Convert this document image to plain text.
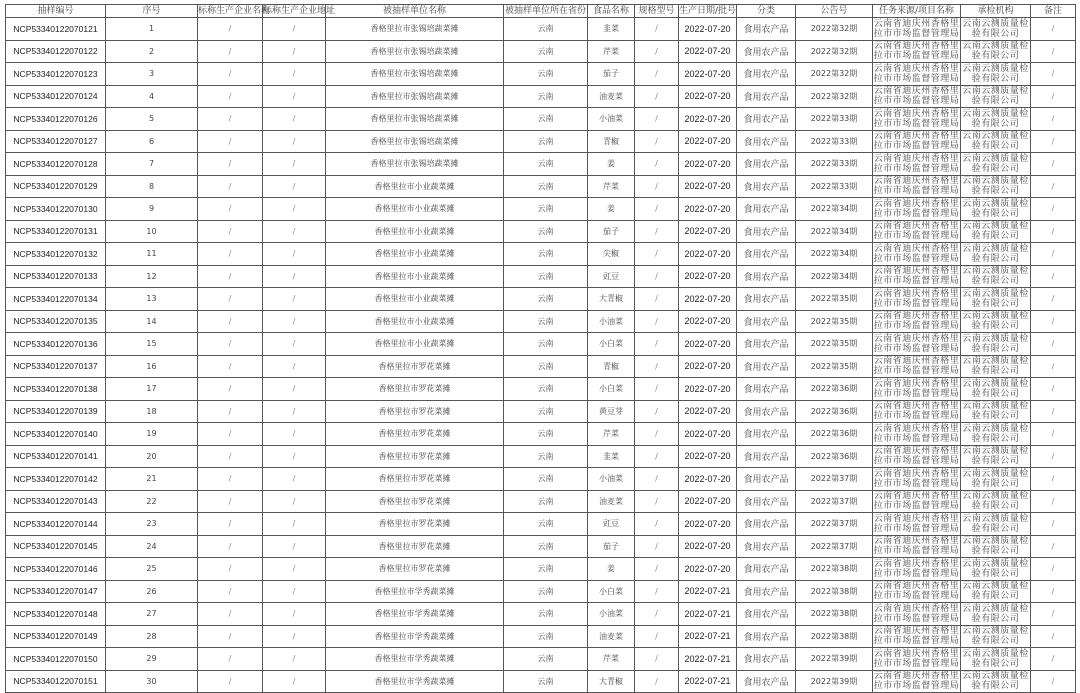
抽样编号	序号	标称生产企业名称	标称生产企业地址	被抽样单位名称	被抽样单位所在省份	食品名称	规格型号	生产日期/批号	分类	公告号	任务来源/项目名称	承检机构	备注
NCP53340122070121	1	/	/	香格里拉市张锡培蔬菜摊	云南	韭菜	/	2022-07-20	食用农产品	2022第32期	云南省迪庆州香格里拉市市场监督管理局	云南云测质量检验有限公司	/
NCP53340122070122	2	/	/	香格里拉市张锡培蔬菜摊	云南	芹菜	/	2022-07-20	食用农产品	2022第32期	云南省迪庆州香格里拉市市场监督管理局	云南云测质量检验有限公司	/
NCP53340122070123	3	/	/	香格里拉市张锡培蔬菜摊	云南	茄子	/	2022-07-20	食用农产品	2022第32期	云南省迪庆州香格里拉市市场监督管理局	云南云测质量检验有限公司	/
NCP53340122070124	4	/	/	香格里拉市张锡培蔬菜摊	云南	油麦菜	/	2022-07-20	食用农产品	2022第32期	云南省迪庆州香格里拉市市场监督管理局	云南云测质量检验有限公司	/
NCP53340122070126	5	/	/	香格里拉市张锡培蔬菜摊	云南	小油菜	/	2022-07-20	食用农产品	2022第33期	云南省迪庆州香格里拉市市场监督管理局	云南云测质量检验有限公司	/
NCP53340122070127	6	/	/	香格里拉市张锡培蔬菜摊	云南	青椒	/	2022-07-20	食用农产品	2022第33期	云南省迪庆州香格里拉市市场监督管理局	云南云测质量检验有限公司	/
NCP53340122070128	7	/	/	香格里拉市张锡培蔬菜摊	云南	姜	/	2022-07-20	食用农产品	2022第33期	云南省迪庆州香格里拉市市场监督管理局	云南云测质量检验有限公司	/
NCP53340122070129	8	/	/	香格里拉市小业蔬菜摊	云南	芹菜	/	2022-07-20	食用农产品	2022第33期	云南省迪庆州香格里拉市市场监督管理局	云南云测质量检验有限公司	/
NCP53340122070130	9	/	/	香格里拉市小业蔬菜摊	云南	姜	/	2022-07-20	食用农产品	2022第34期	云南省迪庆州香格里拉市市场监督管理局	云南云测质量检验有限公司	/
NCP53340122070131	10	/	/	香格里拉市小业蔬菜摊	云南	茄子	/	2022-07-20	食用农产品	2022第34期	云南省迪庆州香格里拉市市场监督管理局	云南云测质量检验有限公司	/
NCP53340122070132	11	/	/	香格里拉市小业蔬菜摊	云南	尖椒	/	2022-07-20	食用农产品	2022第34期	云南省迪庆州香格里拉市市场监督管理局	云南云测质量检验有限公司	/
NCP53340122070133	12	/	/	香格里拉市小业蔬菜摊	云南	豇豆	/	2022-07-20	食用农产品	2022第34期	云南省迪庆州香格里拉市市场监督管理局	云南云测质量检验有限公司	/
NCP53340122070134	13	/	/	香格里拉市小业蔬菜摊	云南	大青椒	/	2022-07-20	食用农产品	2022第35期	云南省迪庆州香格里拉市市场监督管理局	云南云测质量检验有限公司	/
NCP53340122070135	14	/	/	香格里拉市小业蔬菜摊	云南	小油菜	/	2022-07-20	食用农产品	2022第35期	云南省迪庆州香格里拉市市场监督管理局	云南云测质量检验有限公司	/
NCP53340122070136	15	/	/	香格里拉市小业蔬菜摊	云南	小白菜	/	2022-07-20	食用农产品	2022第35期	云南省迪庆州香格里拉市市场监督管理局	云南云测质量检验有限公司	/
NCP53340122070137	16	/	/	香格里拉市罗花菜摊	云南	青椒	/	2022-07-20	食用农产品	2022第35期	云南省迪庆州香格里拉市市场监督管理局	云南云测质量检验有限公司	/
NCP53340122070138	17	/	/	香格里拉市罗花菜摊	云南	小白菜	/	2022-07-20	食用农产品	2022第36期	云南省迪庆州香格里拉市市场监督管理局	云南云测质量检验有限公司	/
NCP53340122070139	18	/	/	香格里拉市罗花菜摊	云南	黄豆芽	/	2022-07-20	食用农产品	2022第36期	云南省迪庆州香格里拉市市场监督管理局	云南云测质量检验有限公司	/
NCP53340122070140	19	/	/	香格里拉市罗花菜摊	云南	芹菜	/	2022-07-20	食用农产品	2022第36期	云南省迪庆州香格里拉市市场监督管理局	云南云测质量检验有限公司	/
NCP53340122070141	20	/	/	香格里拉市罗花菜摊	云南	韭菜	/	2022-07-20	食用农产品	2022第36期	云南省迪庆州香格里拉市市场监督管理局	云南云测质量检验有限公司	/
NCP53340122070142	21	/	/	香格里拉市罗花菜摊	云南	小油菜	/	2022-07-20	食用农产品	2022第37期	云南省迪庆州香格里拉市市场监督管理局	云南云测质量检验有限公司	/
NCP53340122070143	22	/	/	香格里拉市罗花菜摊	云南	油麦菜	/	2022-07-20	食用农产品	2022第37期	云南省迪庆州香格里拉市市场监督管理局	云南云测质量检验有限公司	/
NCP53340122070144	23	/	/	香格里拉市罗花菜摊	云南	豇豆	/	2022-07-20	食用农产品	2022第37期	云南省迪庆州香格里拉市市场监督管理局	云南云测质量检验有限公司	/
NCP53340122070145	24	/	/	香格里拉市罗花菜摊	云南	茄子	/	2022-07-20	食用农产品	2022第37期	云南省迪庆州香格里拉市市场监督管理局	云南云测质量检验有限公司	/
NCP53340122070146	25	/	/	香格里拉市罗花菜摊	云南	姜	/	2022-07-20	食用农产品	2022第38期	云南省迪庆州香格里拉市市场监督管理局	云南云测质量检验有限公司	/
NCP53340122070147	26	/	/	香格里拉市学秀蔬菜摊	云南	小白菜	/	2022-07-21	食用农产品	2022第38期	云南省迪庆州香格里拉市市场监督管理局	云南云测质量检验有限公司	/
NCP53340122070148	27	/	/	香格里拉市学秀蔬菜摊	云南	小油菜	/	2022-07-21	食用农产品	2022第38期	云南省迪庆州香格里拉市市场监督管理局	云南云测质量检验有限公司	/
NCP53340122070149	28	/	/	香格里拉市学秀蔬菜摊	云南	油麦菜	/	2022-07-21	食用农产品	2022第38期	云南省迪庆州香格里拉市市场监督管理局	云南云测质量检验有限公司	/
NCP53340122070150	29	/	/	香格里拉市学秀蔬菜摊	云南	芹菜	/	2022-07-21	食用农产品	2022第39期	云南省迪庆州香格里拉市市场监督管理局	云南云测质量检验有限公司	/
NCP53340122070151	30	/	/	香格里拉市学秀蔬菜摊	云南	大青椒	/	2022-07-21	食用农产品	2022第39期	云南省迪庆州香格里拉市市场监督管理局	云南云测质量检验有限公司	/
